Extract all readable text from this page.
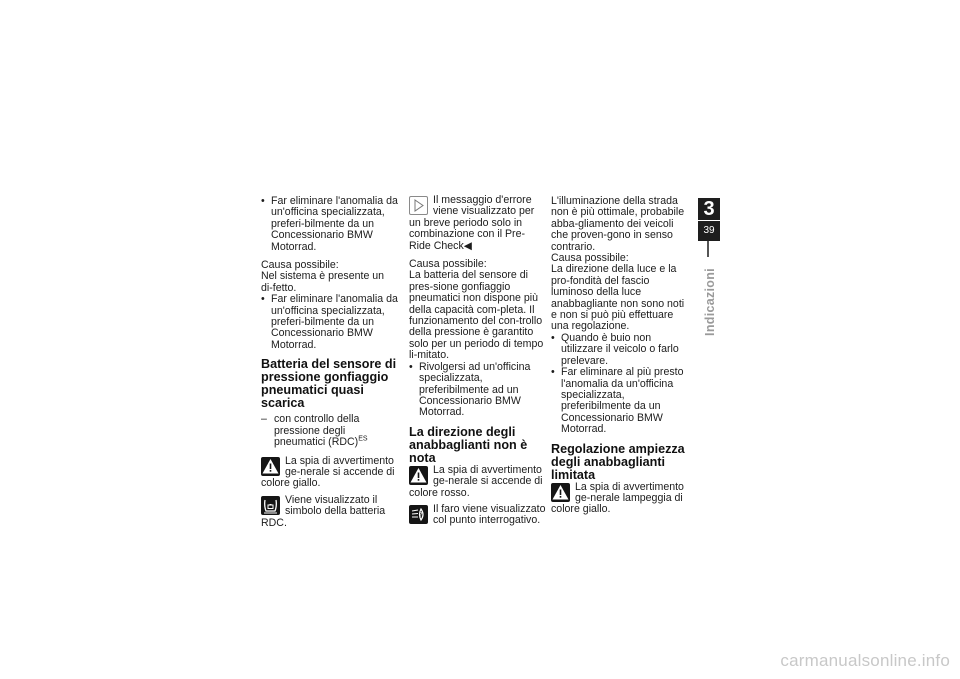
• Far eliminare l'anomalia da un'officina specializzata, preferi-bilmente da un Concessionario BMW Motorrad.

Causa possibile:

Nel sistema è presente un di-fetto.

• Far eliminare l'anomalia da un'officina specializzata, preferi-bilmente da un Concessionario BMW Motorrad.

Batteria del sensore di pressione gonfiaggio pneumatici quasi scarica

– con controllo della pressione degli pneumatici (RDC)$^{ES}$

La spia di avvertimento ge-nerale si accende di colore giallo.

Viene visualizzato il simbolo della batteria RDC.

Il messaggio d'errore viene visualizzato per un breve periodo solo in combinazione con il Pre-Ride Check◀

Causa possibile:

La batteria del sensore di pres-sione gonfiaggio pneumatici non dispone più della capacità com-pleta. Il funzionamento del con-trollo della pressione è garantito solo per un periodo di tempo li-mitato.

• Rivolgersi ad un'officina specializzata, preferibilmente ad un Concessionario BMW Motorrad.

La direzione degli anabbaglianti non è nota

La spia di avvertimento ge-nerale si accende di colore rosso.

? Il faro viene visualizzato col punto interrogativo.

L'illuminazione della strada non è più ottimale, probabile abba-gliamento dei veicoli che proven-gono in senso contrario.

Causa possibile:

La direzione della luce e la pro-fondità del fascio luminoso della luce anabbagliante non sono noti e non si può più effettuare una regolazione.

• Quando è buio non utilizzare il veicolo o farlo prelevare.

• Far eliminare al più presto l'anomalia da un'officina specializzata, preferibilmente da un Concessionario BMW Motorrad.

Regolazione ampiezza degli anabbaglianti limitata

La spia di avvertimento ge-nerale lampeggia di colore giallo.

3
39
Indicazioni
carmanualsonline.info
